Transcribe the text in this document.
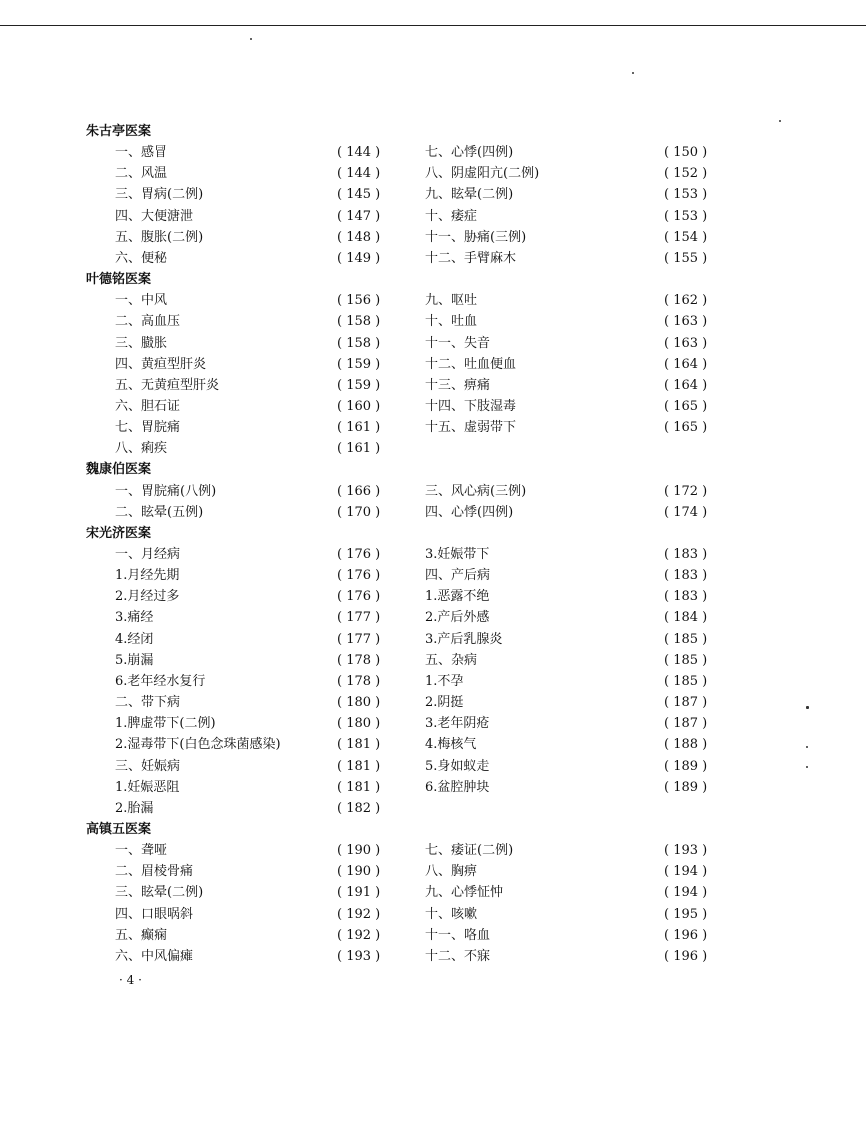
朱古亭医案
一、感冒	( 144 )	七、心悸(四例)	( 150 )
二、风温	( 144 )	八、阴虚阳亢(二例)	( 152 )
三、胃病(二例)	( 145 )	九、眩晕(二例)	( 153 )
四、大便溏泄	( 147 )	十、痿症	( 153 )
五、腹胀(二例)	( 148 )	十一、胁痛(三例)	( 154 )
六、便秘	( 149 )	十二、手臂麻木	( 155 )
叶德铭医案
一、中风	( 156 )	九、呕吐	( 162 )
二、高血压	( 158 )	十、吐血	( 163 )
三、臌胀	( 158 )	十一、失音	( 163 )
四、黄疸型肝炎	( 159 )	十二、吐血便血	( 164 )
五、无黄疸型肝炎	( 159 )	十三、痹痛	( 164 )
六、胆石证	( 160 )	十四、下肢湿毒	( 165 )
七、胃脘痛	( 161 )	十五、虚弱带下	( 165 )
八、痢疾	( 161 )
魏康伯医案
一、胃脘痛(八例)	( 166 )	三、风心病(三例)	( 172 )
二、眩晕(五例)	( 170 )	四、心悸(四例)	( 174 )
宋光济医案
一、月经病	( 176 )	3.妊娠带下	( 183 )
1.月经先期	( 176 )	四、产后病	( 183 )
2.月经过多	( 176 )	1.恶露不绝	( 183 )
3.痛经	( 177 )	2.产后外感	( 184 )
4.经闭	( 177 )	3.产后乳腺炎	( 185 )
5.崩漏	( 178 )	五、杂病	( 185 )
6.老年经水复行	( 178 )	1.不孕	( 185 )
二、带下病	( 180 )	2.阴挺	( 187 )
1.脾虚带下(二例)	( 180 )	3.老年阴疮	( 187 )
2.湿毒带下(白色念珠菌感染)	( 181 )	4.梅核气	( 188 )
三、妊娠病	( 181 )	5.身如蚁走	( 189 )
1.妊娠恶阻	( 181 )	6.盆腔肿块	( 189 )
2.胎漏	( 182 )
高镇五医案
一、聋哑	( 190 )	七、痿证(二例)	( 193 )
二、眉棱骨痛	( 190 )	八、胸痹	( 194 )
三、眩晕(二例)	( 191 )	九、心悸怔忡	( 194 )
四、口眼㖞斜	( 192 )	十、咳嗽	( 195 )
五、癫痫	( 192 )	十一、咯血	( 196 )
六、中风偏瘫	( 193 )	十二、不寐	( 196 )
· 4 ·
